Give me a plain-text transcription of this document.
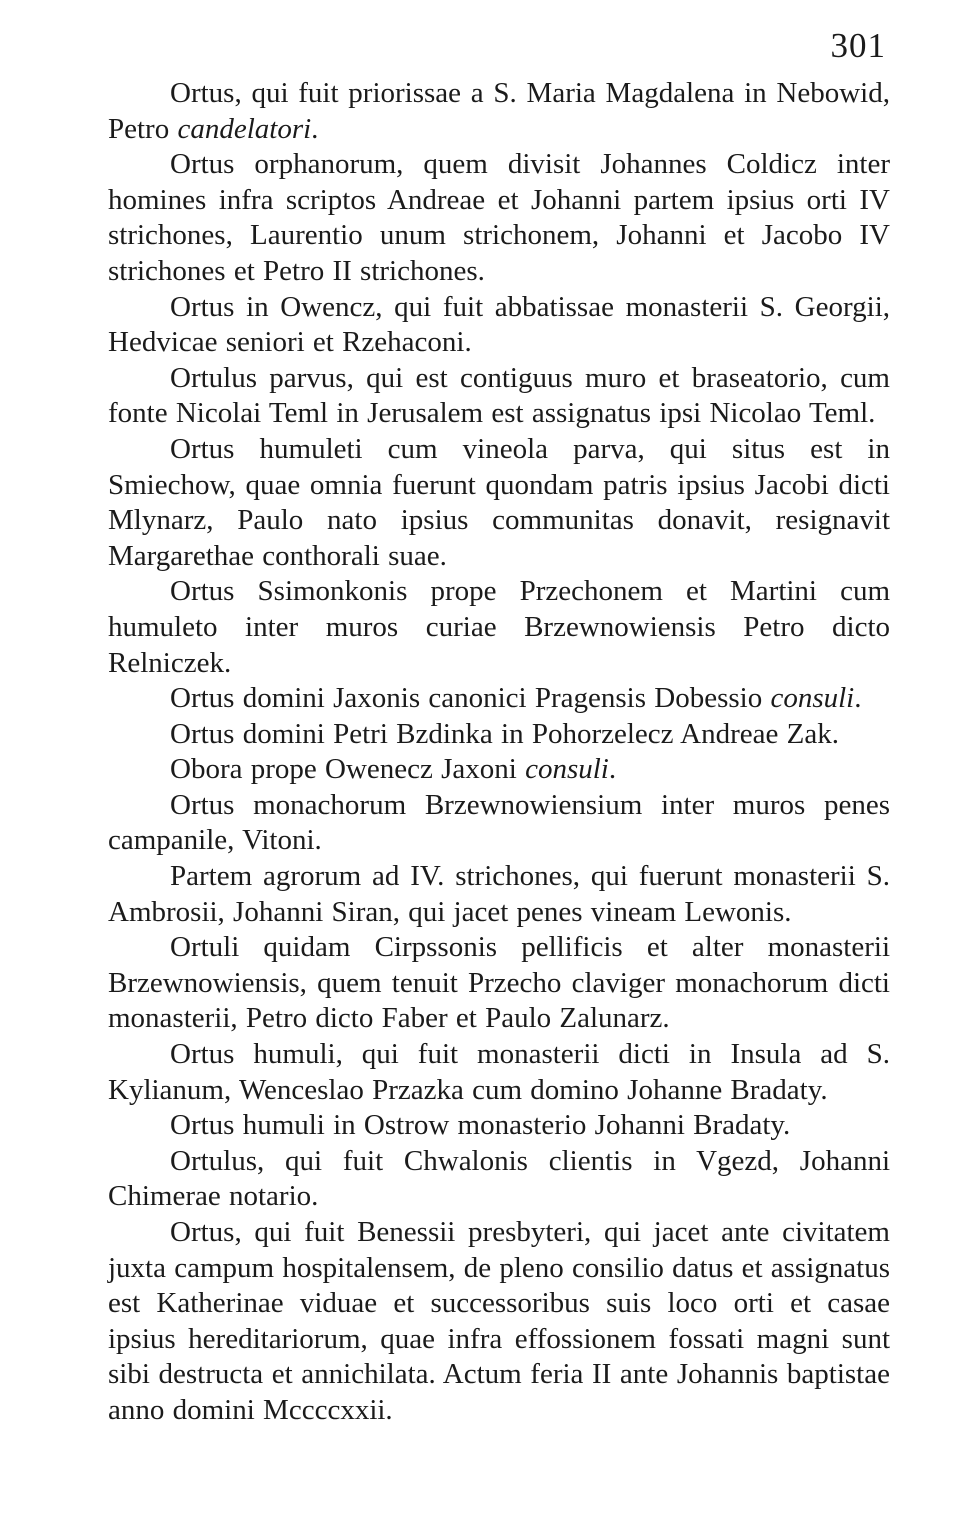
301

Ortus, qui fuit priorissae a S. Maria Magdalena in Nebowid, Petro candelatori.

Ortus orphanorum, quem divisit Johannes Coldicz inter homines infra scriptos Andreae et Johanni partem ipsius orti IV strichones, Laurentio unum strichonem, Johanni et Jacobo IV strichones et Petro II strichones.

Ortus in Owencz, qui fuit abbatissae monasterii S. Georgii, Hedvicae seniori et Rzehaconi.

Ortulus parvus, qui est contiguus muro et braseatorio, cum fonte Nicolai Teml in Jerusalem est assignatus ipsi Nicolao Teml.

Ortus humuleti cum vineola parva, qui situs est in Smiechow, quae omnia fuerunt quondam patris ipsius Jacobi dicti Mlynarz, Paulo nato ipsius communitas donavit, resignavit Margarethae conthorali suae.

Ortus Ssimonkonis prope Przechonem et Martini cum humuleto inter muros curiae Brzewnowiensis Petro dicto Relniczek.

Ortus domini Jaxonis canonici Pragensis Dobessio consuli.

Ortus domini Petri Bzdinka in Pohorzelecz Andreae Zak.

Obora prope Owenecz Jaxoni consuli.

Ortus monachorum Brzewnowiensium inter muros penes campanile, Vitoni.

Partem agrorum ad IV. strichones, qui fuerunt monasterii S. Ambrosii, Johanni Siran, qui jacet penes vineam Lewonis.

Ortuli quidam Cirpssonis pellificis et alter monasterii Brzewnowiensis, quem tenuit Przecho claviger monachorum dicti monasterii, Petro dicto Faber et Paulo Zalunarz.

Ortus humuli, qui fuit monasterii dicti in Insula ad S. Kylianum, Wenceslao Przazka cum domino Johanne Bradaty.

Ortus humuli in Ostrow monasterio Johanni Bradaty.

Ortulus, qui fuit Chwalonis clientis in Vgezd, Johanni Chimerae notario.

Ortus, qui fuit Benessii presbyteri, qui jacet ante civitatem juxta campum hospitalensem, de pleno consilio datus et assignatus est Katherinae viduae et successoribus suis loco orti et casae ipsius hereditariorum, quae infra effossionem fossati magni sunt sibi destructa et annichilata. Actum feria II ante Johannis baptistae anno domini Mccccxxii.
